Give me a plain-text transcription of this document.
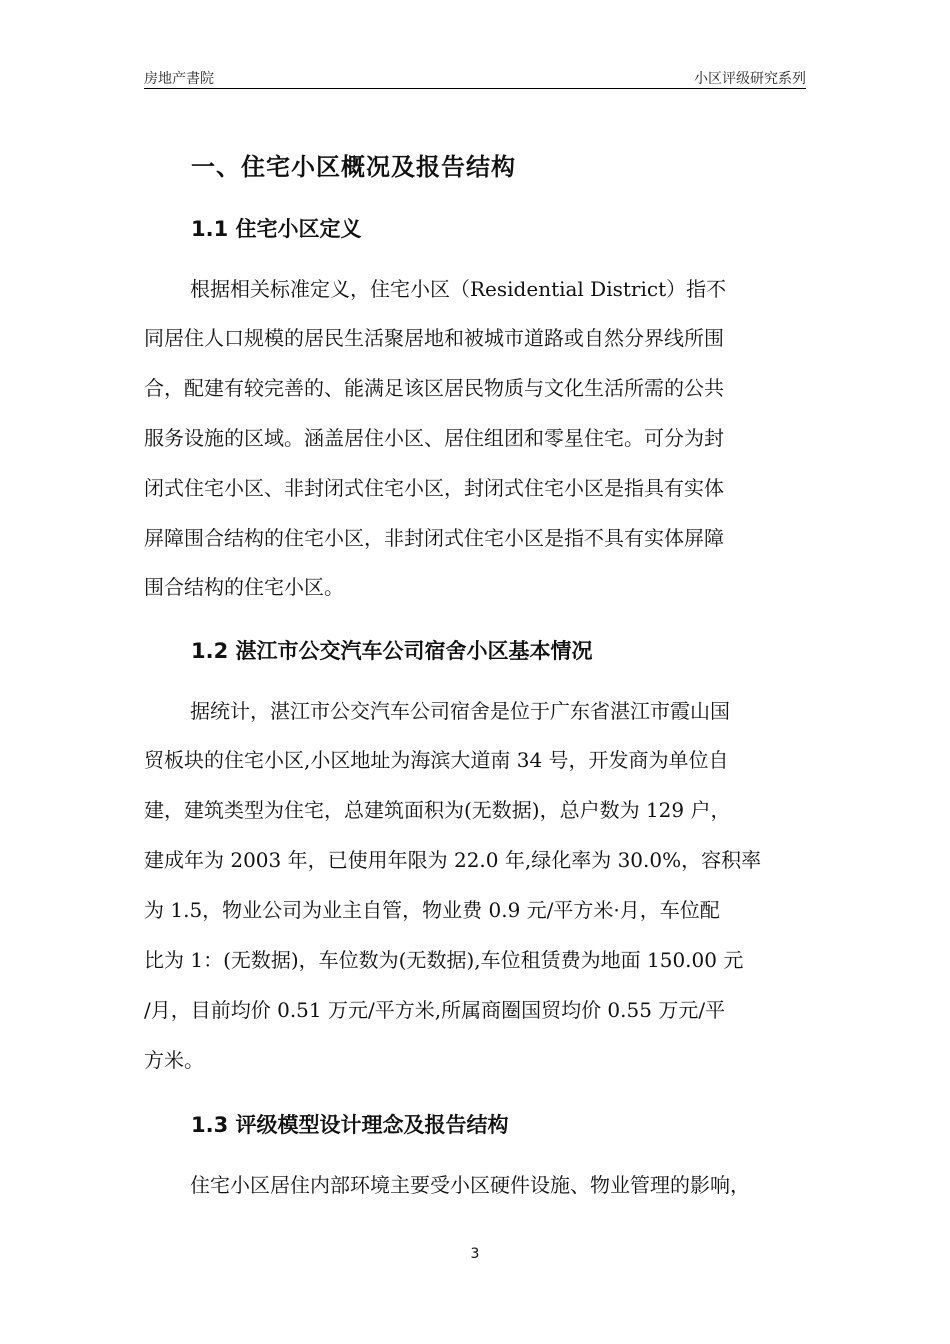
房地产書院	小区评级研究系列
一、住宅小区概况及报告结构
1.1 住宅小区定义
根据相关标准定义，住宅小区（Residential District）指不
同居住人口规模的居民生活聚居地和被城市道路或自然分界线所围
合，配建有较完善的、能满足该区居民物质与文化生活所需的公共
服务设施的区域。涵盖居住小区、居住组团和零星住宅。可分为封
闭式住宅小区、非封闭式住宅小区，封闭式住宅小区是指具有实体
屏障围合结构的住宅小区，非封闭式住宅小区是指不具有实体屏障
围合结构的住宅小区。
1.2 湛江市公交汽车公司宿舍小区基本情况
据统计，湛江市公交汽车公司宿舍是位于广东省湛江市霞山国
贸板块的住宅小区,小区地址为海滨大道南 34 号，开发商为单位自
建，建筑类型为住宅，总建筑面积为(无数据)，总户数为 129 户，
建成年为 2003 年，已使用年限为 22.0 年,绿化率为 30.0%，容积率
为 1.5，物业公司为业主自管，物业费 0.9 元/平方米·月，车位配
比为 1：(无数据)，车位数为(无数据),车位租赁费为地面 150.00 元
/月，目前均价 0.51 万元/平方米,所属商圈国贸均价 0.55 万元/平
方米。
1.3 评级模型设计理念及报告结构
住宅小区居住内部环境主要受小区硬件设施、物业管理的影响，
3
